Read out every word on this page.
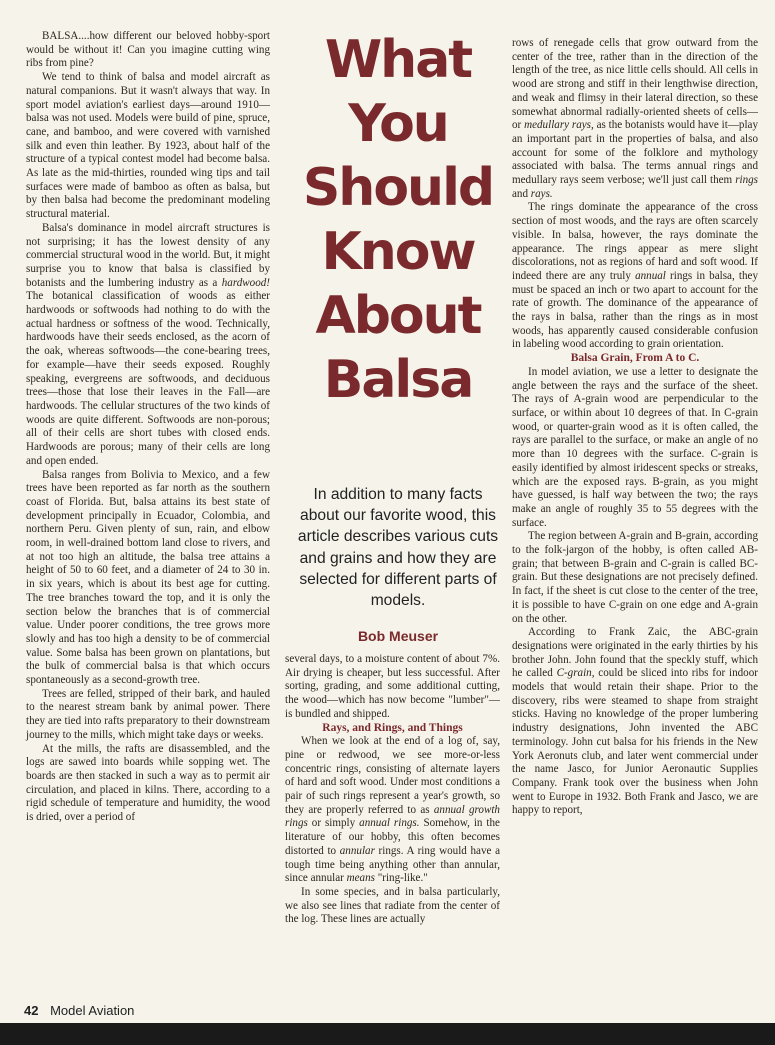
BALSA....how different our beloved hobby-sport would be without it! Can you imagine cutting wing ribs from pine?

We tend to think of balsa and model aircraft as natural companions. But it wasn't always that way. In sport model aviation's earliest days—around 1910—balsa was not used. Models were build of pine, spruce, cane, and bamboo, and were covered with varnished silk and even thin leather. By 1923, about half of the structure of a typical contest model had become balsa. As late as the mid-thirties, rounded wing tips and tail surfaces were made of bamboo as often as balsa, but by then balsa had become the predominant modeling structural material.

Balsa's dominance in model aircraft structures is not surprising; it has the lowest density of any commercial structural wood in the world. But, it might surprise you to know that balsa is classified by botanists and the lumbering industry as a hardwood! The botanical classification of woods as either hardwoods or softwoods had nothing to do with the actual hardness or softness of the wood. Technically, hardwoods have their seeds enclosed, as the acorn of the oak, whereas softwoods—the cone-bearing trees, for example—have their seeds exposed. Roughly speaking, evergreens are softwoods, and deciduous trees—those that lose their leaves in the Fall—are hardwoods. The cellular structures of the two kinds of woods are quite different. Softwoods are non-porous; all of their cells are short tubes with closed ends. Hardwoods are porous; many of their cells are long and open ended.

Balsa ranges from Bolivia to Mexico, and a few trees have been reported as far north as the southern coast of Florida. But, balsa attains its best state of development principally in Ecuador, Colombia, and northern Peru. Given plenty of sun, rain, and elbow room, in well-drained bottom land close to rivers, and at not too high an altitude, the balsa tree attains a height of 50 to 60 feet, and a diameter of 24 to 30 in. in six years, which is about its best age for cutting. The tree branches toward the top, and it is only the section below the branches that is of commercial value. Under poorer conditions, the tree grows more slowly and has too high a density to be of commercial value. Some balsa has been grown on plantations, but the bulk of commercial balsa is that which occurs spontaneously as a second-growth tree.

Trees are felled, stripped of their bark, and hauled to the nearest stream bank by animal power. There they are tied into rafts preparatory to their downstream journey to the mills, which might take days or weeks.

At the mills, the rafts are disassembled, and the logs are sawed into boards while sopping wet. The boards are then stacked in such a way as to permit air circulation, and placed in kilns. There, according to a rigid schedule of temperature and humidity, the wood is dried, over a period of

What
You
Should
Know
About
Balsa
In addition to many facts about our favorite wood, this article describes various cuts and grains and how they are selected for different parts of models.
Bob Meuser

several days, to a moisture content of about 7%. Air drying is cheaper, but less successful. After sorting, grading, and some additional cutting, the wood—which has now become "lumber"—is bundled and shipped.

Rays, and Rings, and Things

When we look at the end of a log of, say, pine or redwood, we see more-or-less concentric rings, consisting of alternate layers of hard and soft wood. Under most conditions a pair of such rings represent a year's growth, so they are properly referred to as annual growth rings or simply annual rings. Somehow, in the literature of our hobby, this often becomes distorted to annular rings. A ring would have a tough time being anything other than annular, since annular means "ring-like."

In some species, and in balsa particularly, we also see lines that radiate from the center of the log. These lines are actually

rows of renegade cells that grow outward from the center of the tree, rather than in the direction of the length of the tree, as nice little cells should. All cells in wood are strong and stiff in their lengthwise direction, and weak and flimsy in their lateral direction, so these somewhat abnormal radially-oriented sheets of cells—or medullary rays, as the botanists would have it—play an important part in the properties of balsa, and also account for some of the folklore and mythology associated with balsa. The terms annual rings and medullary rays seem verbose; we'll just call them rings and rays.

The rings dominate the appearance of the cross section of most woods, and the rays are often scarcely visible. In balsa, however, the rays dominate the appearance. The rings appear as mere slight discolorations, not as regions of hard and soft wood. If indeed there are any truly annual rings in balsa, they must be spaced an inch or two apart to account for the rate of growth. The dominance of the appearance of the rays in balsa, rather than the rings as in most woods, has apparently caused considerable confusion in labeling wood according to grain orientation.

Balsa Grain, From A to C.

In model aviation, we use a letter to designate the angle between the rays and the surface of the sheet. The rays of A-grain wood are perpendicular to the surface, or within about 10 degrees of that. In C-grain wood, or quarter-grain wood as it is often called, the rays are parallel to the surface, or make an angle of no more than 10 degrees with the surface. C-grain is easily identified by almost iridescent specks or streaks, which are the exposed rays. B-grain, as you might have guessed, is half way between the two; the rays make an angle of roughly 35 to 55 degrees with the surface.

The region between A-grain and B-grain, according to the folk-jargon of the hobby, is often called AB-grain; that between B-grain and C-grain is called BC-grain. But these designations are not precisely defined. In fact, if the sheet is cut close to the center of the tree, it is possible to have C-grain on one edge and A-grain on the other.

According to Frank Zaic, the ABC-grain designations were originated in the early thirties by his brother John. John found that the speckly stuff, which he called C-grain, could be sliced into ribs for indoor models that would retain their shape. Prior to the discovery, ribs were steamed to shape from straight sticks. Having no knowledge of the proper lumbering industry designations, John invented the ABC terminology. John cut balsa for his friends in the New York Aeronuts club, and later went commercial under the name Jasco, for Junior Aeronautic Supplies Company. Frank took over the business when John went to Europe in 1932. Both Frank and Jasco, we are happy to report,

42 Model Aviation
